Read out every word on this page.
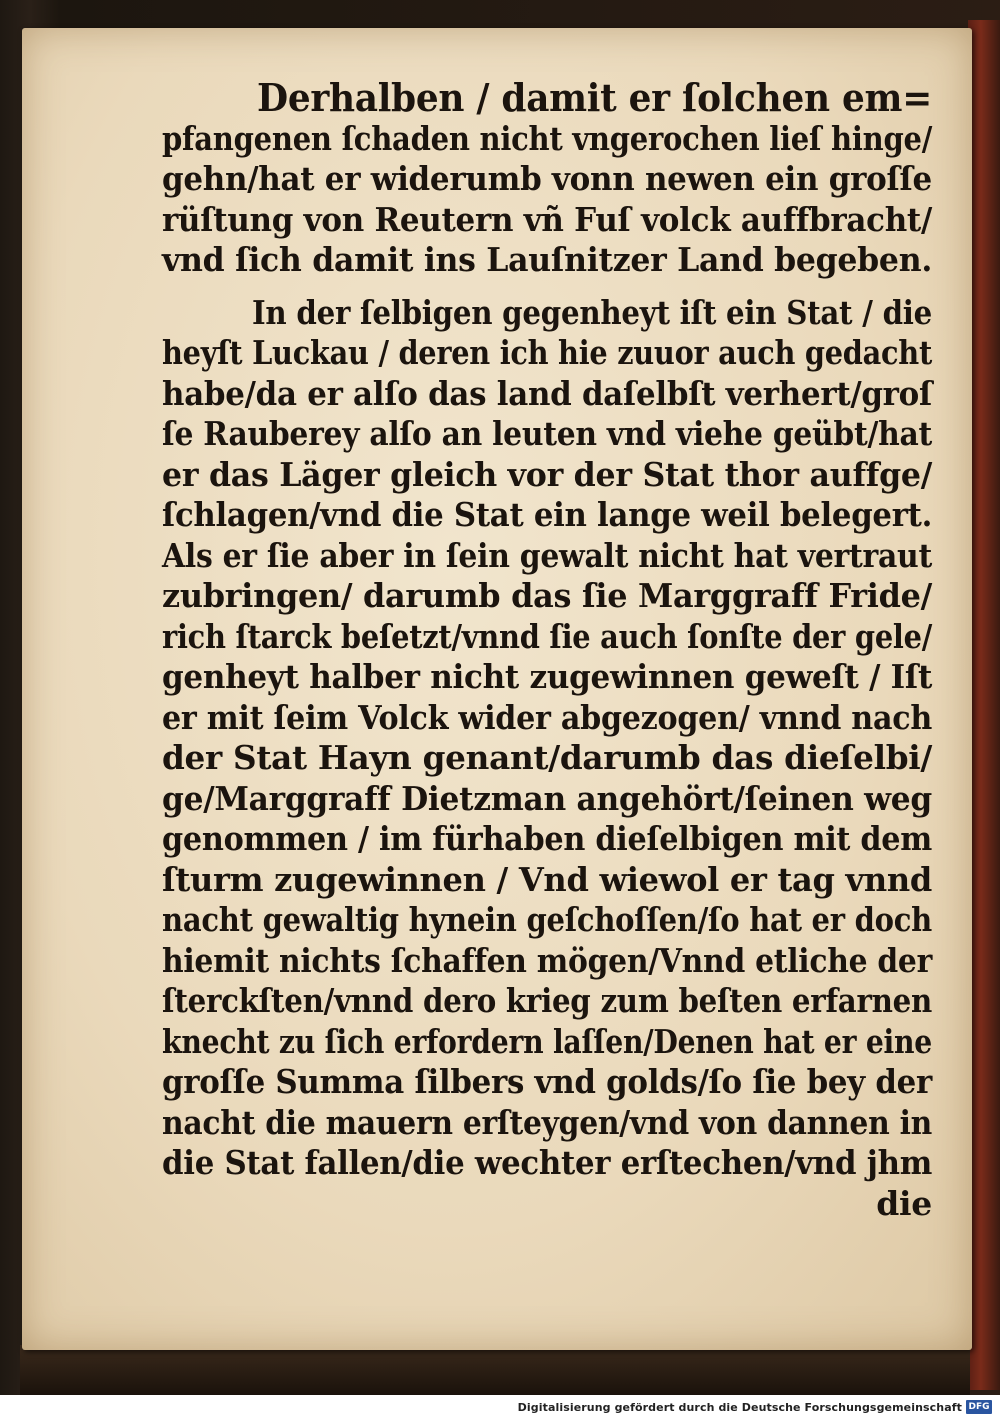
Derhalben / damit er ſolchen em=
pfangenen ſchaden nicht vngerochen lieſ hinge/
gehn/hat er widerumb vonn newen ein groſſe
rüſtung von Reutern vñ Fuſ volck auffbracht/
vnd ſich damit ins Lauſnitzer Land begeben.
In der ſelbigen gegenheyt iſt ein Stat / die
heyſt Luckau / deren ich hie zuuor auch gedacht
habe/da er alſo das land daſelbſt verhert/groſ
ſe Rauberey alſo an leuten vnd viehe geübt/hat
er das Läger gleich vor der Stat thor auffge/
ſchlagen/vnd die Stat ein lange weil belegert.
Als er ſie aber in ſein gewalt nicht hat vertraut
zubringen/ darumb das ſie Marggraff Fride/
rich ſtarck beſetzt/vnnd ſie auch ſonſte der gele/
genheyt halber nicht zugewinnen geweſt / Iſt
er mit ſeim Volck wider abgezogen/ vnnd nach
der Stat Hayn genant/darumb das dieſelbi/
ge/Marggraff Dietzman angehört/ſeinen weg
genommen / im fürhaben dieſelbigen mit dem
ſturm zugewinnen / Vnd wiewol er tag vnnd
nacht gewaltig hynein geſchoſſen/ſo hat er doch
hiemit nichts ſchaffen mögen/Vnnd etliche der
ſterckſten/vnnd dero krieg zum beſten erfarnen
knecht zu ſich erfordern laſſen/Denen hat er eine
groſſe Summa ſilbers vnd golds/ſo ſie bey der
nacht die mauern erſteygen/vnd von dannen in
die Stat fallen/die wechter erſtechen/vnd jhm
die
Digitalisierung gefördert durch die Deutsche Forschungsgemeinschaft DFG
